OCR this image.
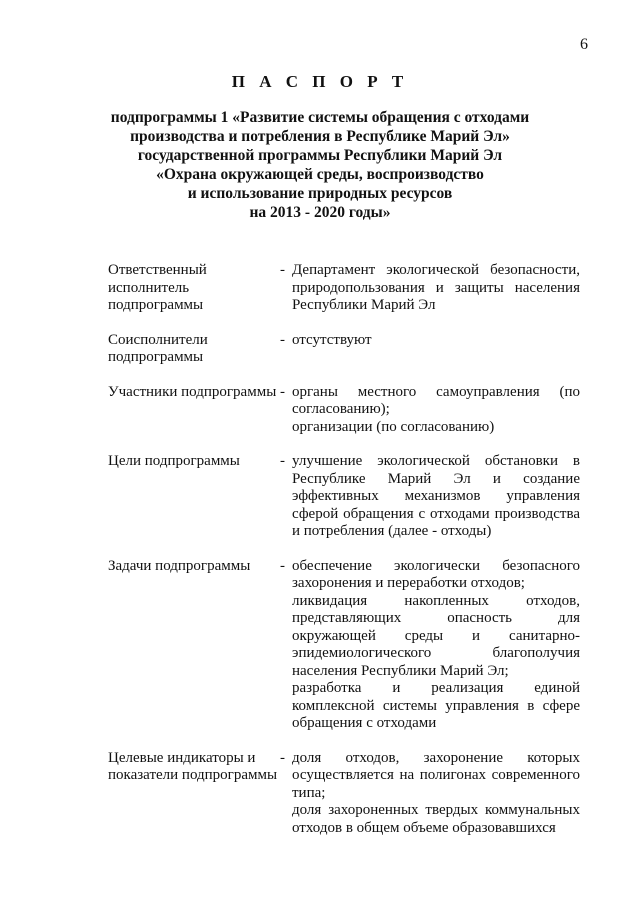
6
П А С П О Р Т
подпрограммы 1 «Развитие системы обращения с отходами
производства и потребления в Республике Марий Эл»
государственной программы Республики Марий Эл
«Охрана окружающей среды, воспроизводство
и использование природных ресурсов
на 2013 - 2020 годы»
Ответственный исполнитель подпрограммы
- Департамент экологической безопасности, природопользования и защиты населения Республики Марий Эл

Соисполнители подпрограммы
- отсутствуют

Участники подпрограммы - органы местного самоуправления (по согласованию);

организации (по согласованию)

Цели подпрограммы	- улучшение экологической обстановки в Республике Марий Эл и создание эффективных механизмов управления сферой обращения с отходами производства и потребления (далее - отходы)

Задачи подпрограммы	- обеспечение экологически безопасного захоронения и переработки отходов;

ликвидация накопленных отходов, представляющих опасность для окружающей среды и санитарно-эпидемиологического благополучия населения Республики Марий Эл;

разработка и реализация единой комплексной системы управления в сфере обращения с отходами

Целевые индикаторы и показатели подпрограммы
- доля отходов, захоронение которых осуществляется на полигонах современного типа;

доля захороненных твердых коммунальных отходов в общем объеме образовавшихся
